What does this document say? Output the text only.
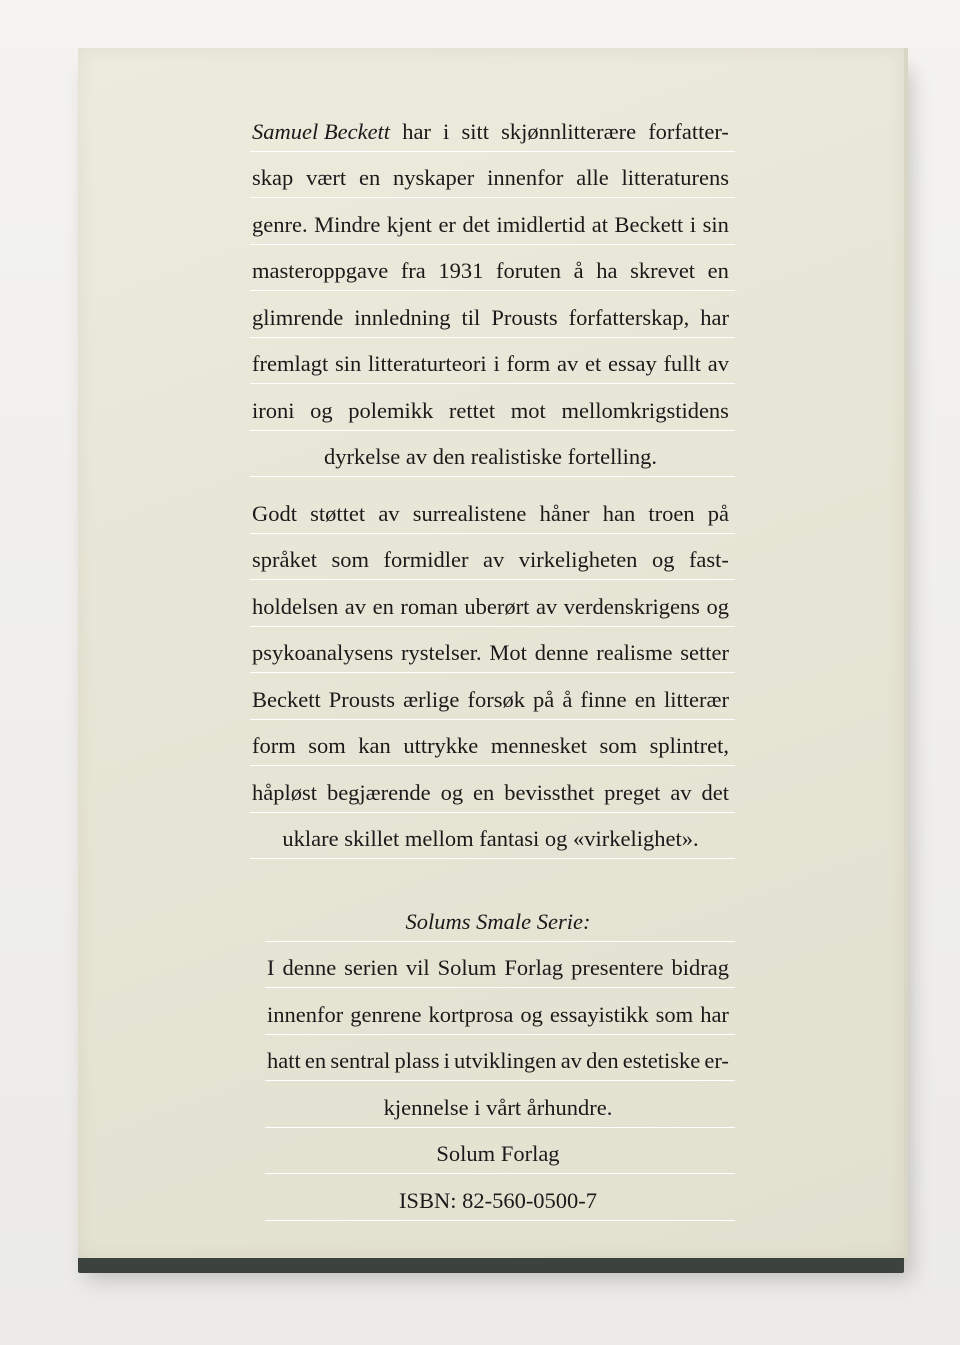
Samuel Beckett har i sitt skjønnlitterære forfatter-
skap vært en nyskaper innenfor alle litteraturens
genre. Mindre kjent er det imidlertid at Beckett i sin
masteroppgave fra 1931 foruten å ha skrevet en
glimrende innledning til Prousts forfatterskap, har
fremlagt sin litteraturteori i form av et essay fullt av
ironi og polemikk rettet mot mellomkrigstidens
dyrkelse av den realistiske fortelling.
Godt støttet av surrealistene håner han troen på
språket som formidler av virkeligheten og fast-
holdelsen av en roman uberørt av verdenskrigens og
psykoanalysens rystelser. Mot denne realisme setter
Beckett Prousts ærlige forsøk på å finne en litterær
form som kan uttrykke mennesket som splintret,
håpløst begjærende og en bevissthet preget av det
uklare skillet mellom fantasi og «virkelighet».
Solums Smale Serie:
I denne serien vil Solum Forlag presentere bidrag
innenfor genrene kortprosa og essayistikk som har
hatt en sentral plass i utviklingen av den estetiske er-
kjennelse i vårt århundre.
Solum Forlag
ISBN: 82-560-0500-7
